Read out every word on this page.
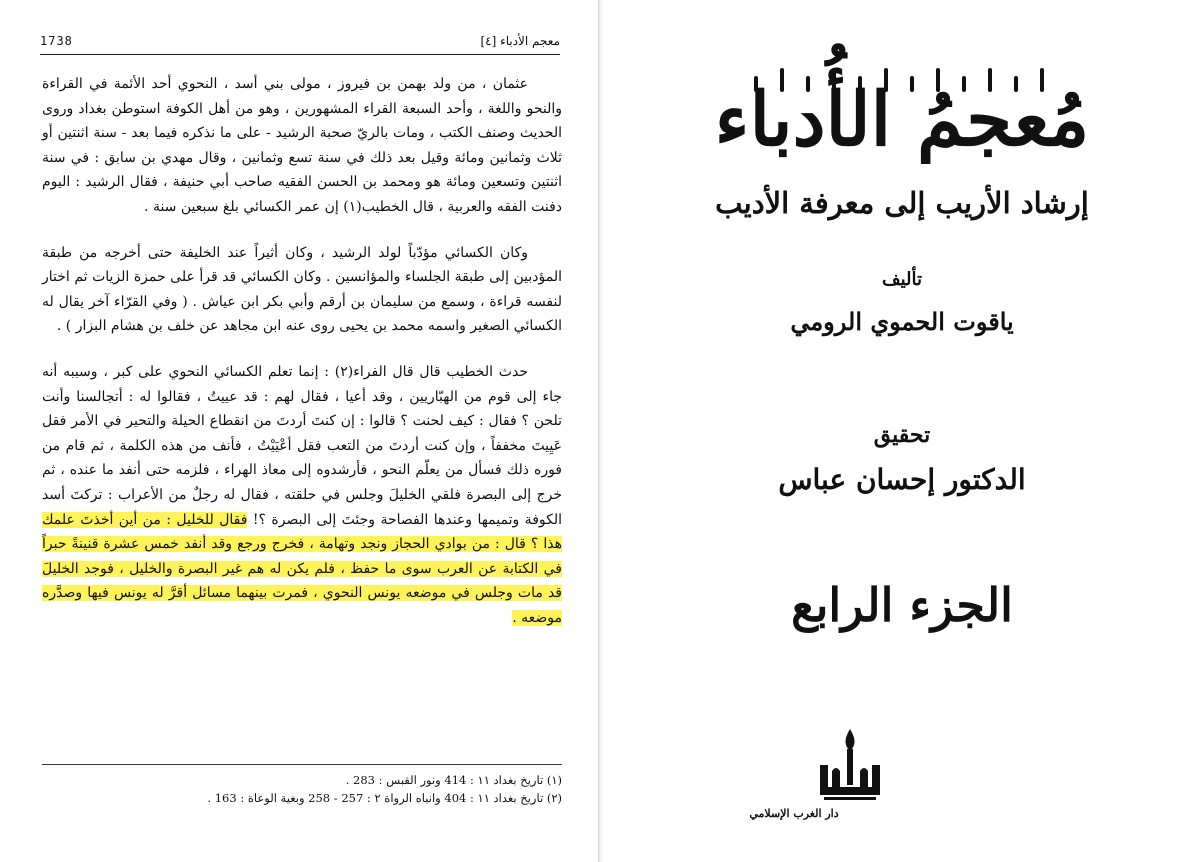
1738	معجم الأدباء [٤]

عثمان ، من ولد بهمن بن فيروز ، مولى بني أسد ، النحوي أحد الأئمة في القراءة والنحو واللغة ، وأحد السبعة القراء المشهورين ، وهو من أهل الكوفة استوطن بغداد وروى الحديث وصنف الكتب ، ومات بالريّ صحبة الرشيد - على ما نذكره فيما بعد - سنة اثنتين أو ثلاث وثمانين ومائة وقيل بعد ذلك في سنة تسع وثمانين ، وقال مهدي بن سابق : في سنة اثنتين وتسعين ومائة هو ومحمد بن الحسن الفقيه صاحب أبي حنيفة ، فقال الرشيد : اليوم دفنت الفقه والعربية ، قال الخطيب(١) إن عمر الكسائي بلغ سبعين سنة .

وكان الكسائي مؤدّباً لولد الرشيد ، وكان أثيراً عند الخليفة حتى أخرجه من طبقة المؤدبين إلى طبقة الجلساء والمؤانسين . وكان الكسائي قد قرأ على حمزة الزيات ثم اختار لنفسه قراءة ، وسمع من سليمان بن أرقم وأبي بكر ابن عياش . ( وفي القرّاء آخر يقال له الكسائي الصغير واسمه محمد بن يحيى روى عنه ابن مجاهد عن خلف بن هشام البزار ) .

حدث الخطيب قال قال الفراء(٢) : إنما تعلم الكسائي النحوي على كبر ، وسببه أنه جاء إلى قوم من الهبّاريين ، وقد أعيا ، فقال لهم : قد عييتُ ، فقالوا له : أتجالسنا وأنت تلحن ؟ فقال : كيف لحنت ؟ قالوا : إن كنتَ أردتَ من انقطاع الحيلة والتحير في الأمر فقل عَيِيتَ مخففاً ، وإن كنت أردتَ من التعب فقل أعْيَيْتُ ، فأنف من هذه الكلمة ، ثم قام من فوره ذلك فسأل من يعلّم النحو ، فأرشدوه إلى معاذ الهراء ، فلزمه حتى أنفد ما عنده ، ثم خرج إلى البصرة فلقي الخليلَ وجلس في حلقته ، فقال له رجلٌ من الأعراب : تركتَ أسد الكوفة وتميمها وعندها الفصاحة وجئتَ إلى البصرة ؟! فقال للخليل : من أين أخذتَ علمك هذا ؟ قال : من بوادي الحجاز ونجد وتهامة ، فخرج ورجع وقد أنفد خمس عشرة قنينةً حبراً في الكتابة عن العرب سوى ما حفظ ، فلم يكن له هم غير البصرة والخليل ، فوجد الخليلَ قد مات وجلس في موضعه يونس النحوي ، فمرت بينهما مسائل أقرَّ له يونس فيها وصدَّره موضعه .

(١) تاريخ بغداد ١١ : 414 ونور القبس : 283 .

(٢) تاريخ بغداد ١١ : 404 وانباه الرواة ٢ : 257 - 258 وبغية الوعاة : 163 .

مُعجمُ الأُدباء
إرشاد الأريب إلى معرفة الأديب
تأليف
ياقوت الحموي الرومي
تحقيق
الدكتور إحسان عباس
الجزء الرابع
دار الغرب الإسلامي
